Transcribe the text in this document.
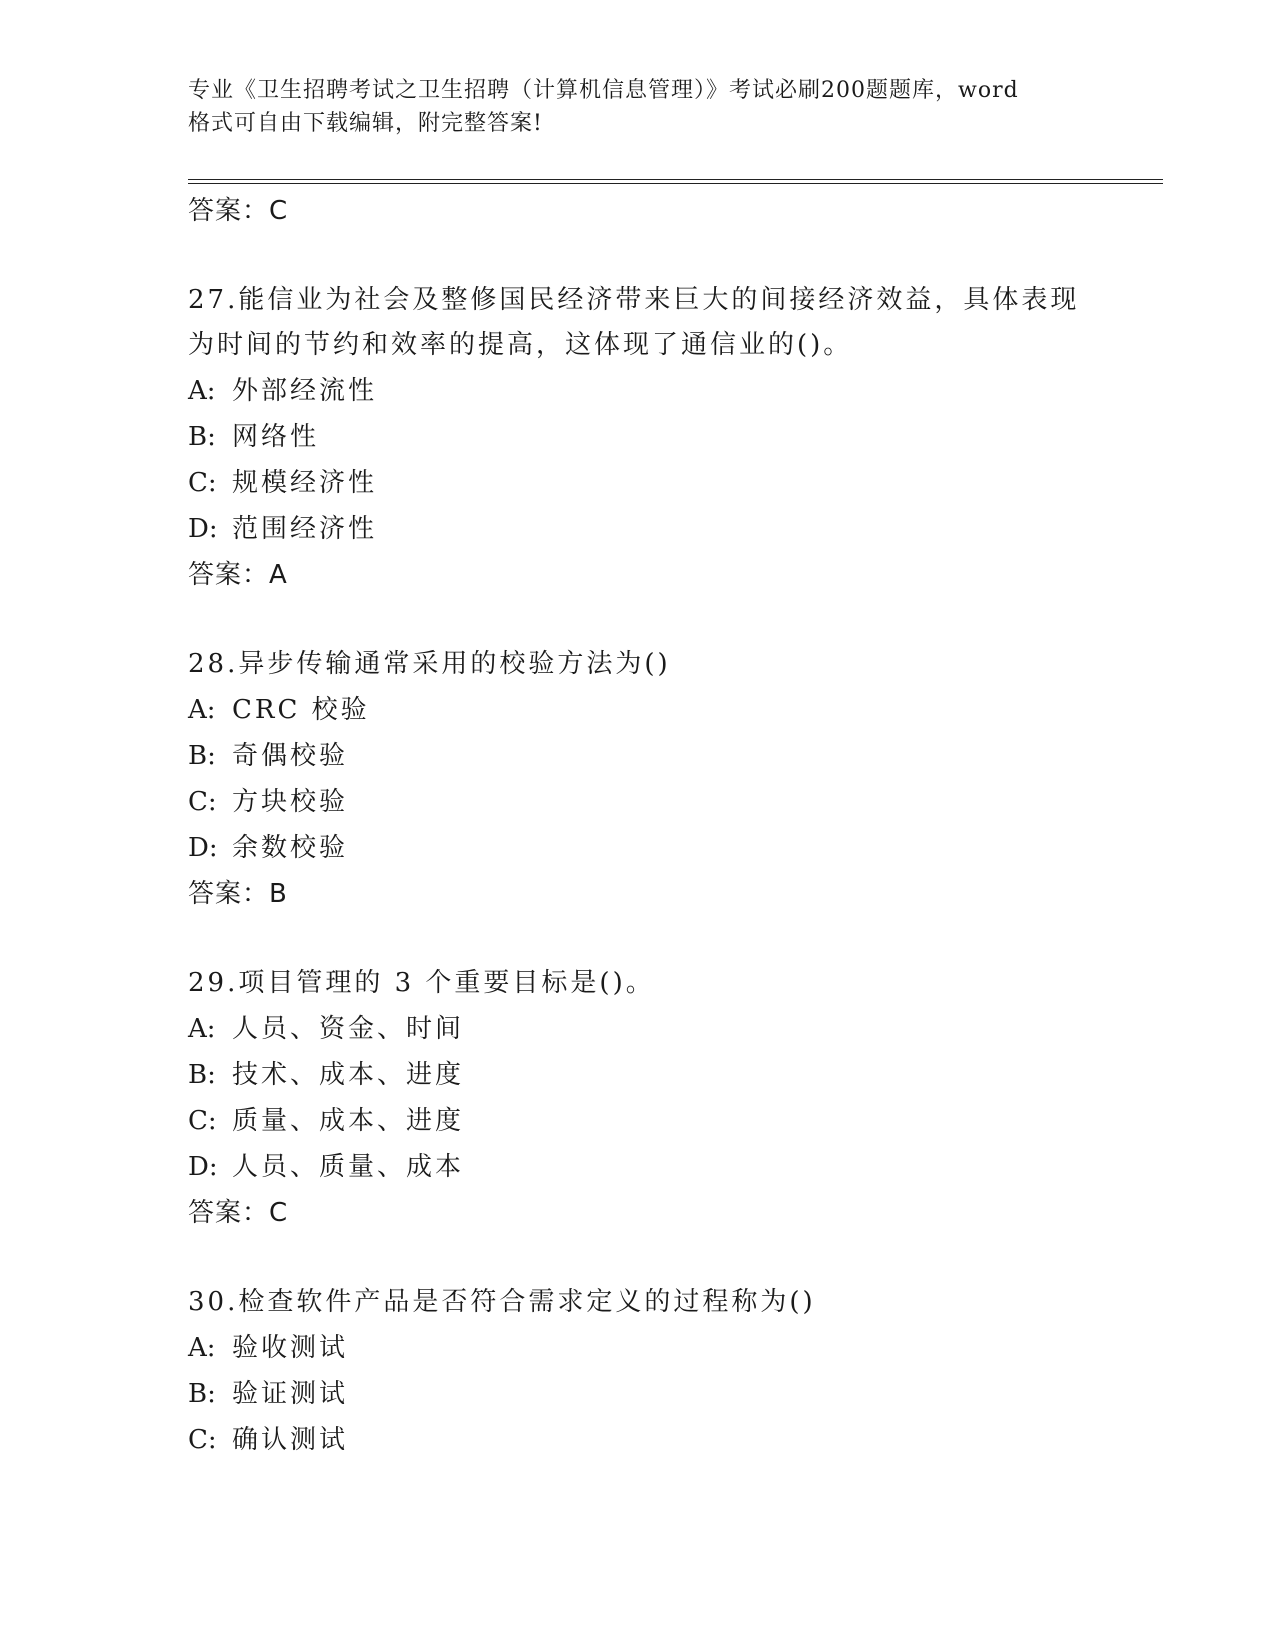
专业《卫生招聘考试之卫生招聘（计算机信息管理）》考试必刷200题题库，word
格式可自由下载编辑，附完整答案!
答案：C
27.能信业为社会及整修国民经济带来巨大的间接经济效益，具体表现
为时间的节约和效率的提高，这体现了通信业的()。
A: 外部经流性
B: 网络性
C: 规模经济性
D: 范围经济性
答案：A
28.异步传输通常采用的校验方法为()
A: CRC 校验
B: 奇偶校验
C: 方块校验
D: 余数校验
答案：B
29.项目管理的 3 个重要目标是()。
A: 人员、资金、时间
B: 技术、成本、进度
C: 质量、成本、进度
D: 人员、质量、成本
答案：C
30.检查软件产品是否符合需求定义的过程称为()
A: 验收测试
B: 验证测试
C: 确认测试
